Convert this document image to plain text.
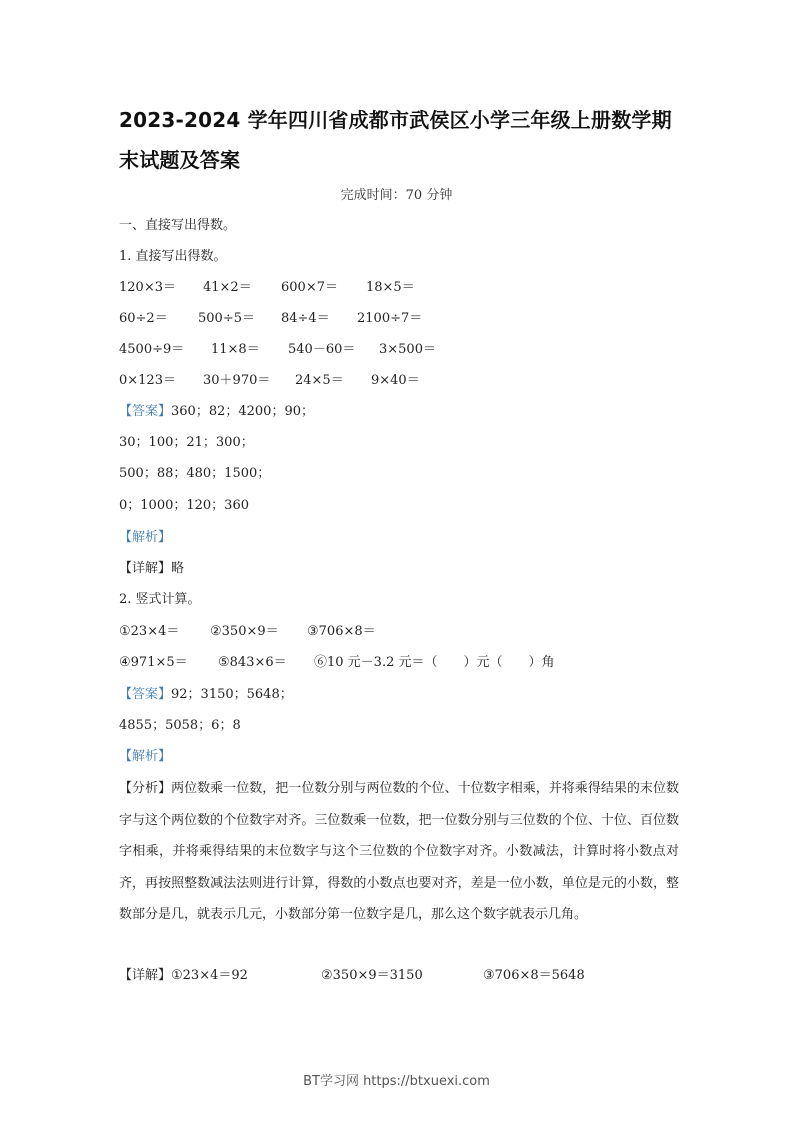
2023-2024 学年四川省成都市武侯区小学三年级上册数学期
末试题及答案
完成时间：70 分钟
一、直接写出得数。
1. 直接写出得数。
120×3＝ 41×2＝ 600×7＝ 18×5＝
60÷2＝ 500÷5＝ 84÷4＝ 2100÷7＝
4500÷9＝ 11×8＝ 540－60＝ 3×500＝
0×123＝ 30＋970＝ 24×5＝ 9×40＝
【答案】360；82；4200；90；
30；100；21；300；
500；88；480；1500；
0；1000；120；360
【解析】
【详解】略
2. 竖式计算。
①23×4＝ ②350×9＝ ③706×8＝
④971×5＝ ⑤843×6＝ ⑥10 元－3.2 元＝（　　）元（　　）角
【答案】92；3150；5648；
4855；5058；6；8
【解析】
【分析】两位数乘一位数，把一位数分别与两位数的个位、十位数字相乘，并将乘得结果的末位数字与这个两位数的个位数字对齐。三位数乘一位数，把一位数分别与三位数的个位、十位、百位数字相乘，并将乘得结果的末位数字与这个三位数的个位数字对齐。小数减法，计算时将小数点对齐，再按照整数减法法则进行计算，得数的小数点也要对齐，差是一位小数，单位是元的小数，整数部分是几，就表示几元，小数部分第一位数字是几，那么这个数字就表示几角。
【详解】 ①23×4＝92	②350×9＝3150	③706×8＝5648
BT学习网 https://btxuexi.com
